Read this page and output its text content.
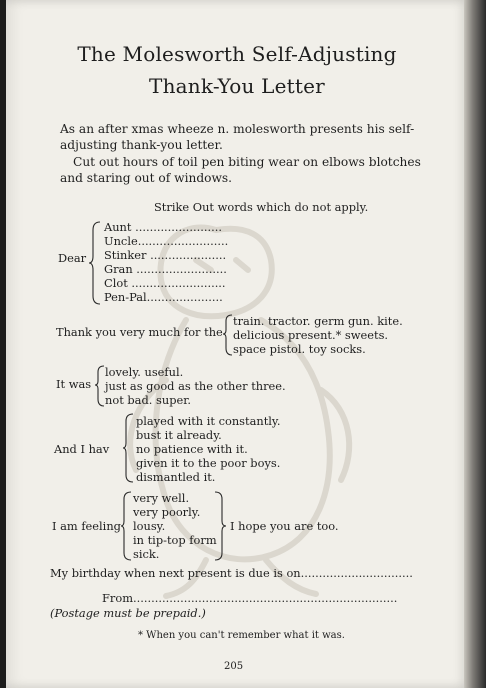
The Molesworth Self-Adjusting
Thank-You Letter
As an after xmas wheeze n. molesworth presents his self-
adjusting thank-you letter.
Cut out hours of toil pen biting wear on elbows blotches
and staring out of windows.
Strike Out words which do not apply.
Dear
Aunt ........................
Uncle.........................
Stinker .....................
Gran .........................
Clot ..........................
Pen-Pal.....................
Thank you very much for the
train. tractor. germ gun. kite.
delicious present.* sweets.
space pistol. toy socks.
It was
lovely. useful.
just as good as the other three.
not bad. super.
And I hav
played with it constantly.
bust it already.
no patience with it.
given it to the poor boys.
dismantled it.
I am feeling
very well.
very poorly.
lousy.
in tip-top form
sick.
I hope you are too.
My birthday when next present is due is on...............................
From.........................................................................
(Postage must be prepaid.)
* When you can't remember what it was.
205
